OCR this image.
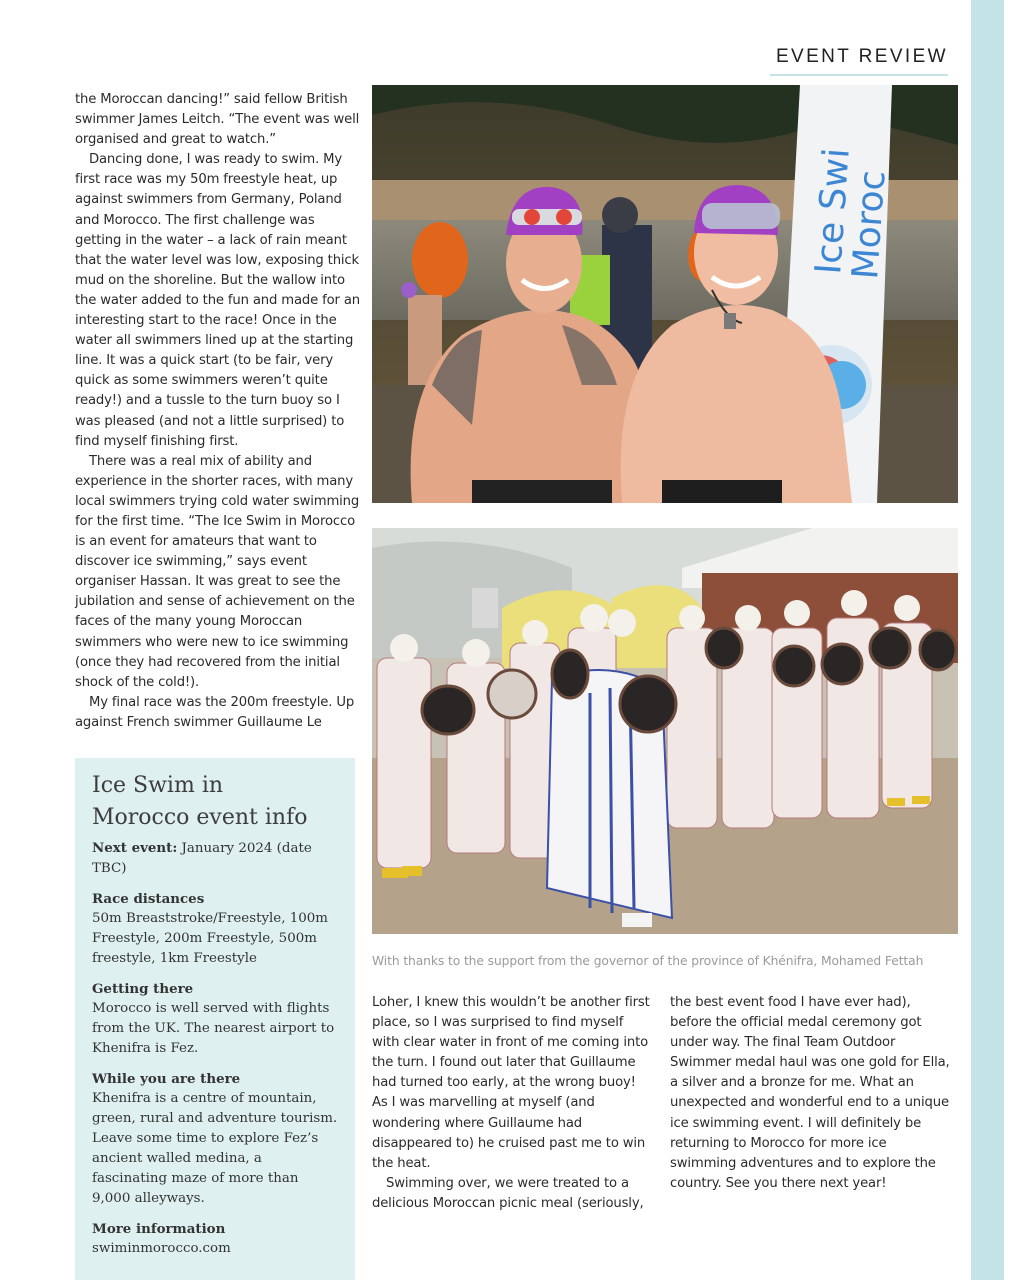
EVENT REVIEW

the Moroccan dancing!” said fellow British swimmer James Leitch. “The event was well organised and great to watch.”

Dancing done, I was ready to swim. My first race was my 50m freestyle heat, up against swimmers from Germany, Poland and Morocco. The first challenge was getting in the water – a lack of rain meant that the water level was low, exposing thick mud on the shoreline. But the wallow into the water added to the fun and made for an interesting start to the race! Once in the water all swimmers lined up at the starting line. It was a quick start (to be fair, very quick as some swimmers weren’t quite ready!) and a tussle to the turn buoy so I was pleased (and not a little surprised) to find myself finishing first.

There was a real mix of ability and experience in the shorter races, with many local swimmers trying cold water swimming for the first time. “The Ice Swim in Morocco is an event for amateurs that want to discover ice swimming,” says event organiser Hassan. It was great to see the jubilation and sense of achievement on the faces of the many young Moroccan swimmers who were new to ice swimming (once they had recovered from the initial shock of the cold!).

My final race was the 200m freestyle. Up against French swimmer Guillaume Le

Ice Swi
Moroc
With thanks to the support from the governor of the province of Khénifra, Mohamed Fettah

Loher, I knew this wouldn’t be another first place, so I was surprised to find myself with clear water in front of me coming into the turn. I found out later that Guillaume had turned too early, at the wrong buoy! As I was marvelling at myself (and wondering where Guillaume had disappeared to) he cruised past me to win the heat.

Swimming over, we were treated to a delicious Moroccan picnic meal (seriously,

the best event food I have ever had), before the official medal ceremony got under way. The final Team Outdoor Swimmer medal haul was one gold for Ella, a silver and a bronze for me. What an unexpected and wonderful end to a unique ice swimming event. I will definitely be returning to Morocco for more ice swimming adventures and to explore the country. See you there next year!

Ice Swim in
Morocco event info

Next event: January 2024 (date TBC)

Race distances

50m Breaststroke/Freestyle, 100m Freestyle, 200m Freestyle, 500m freestyle, 1km Freestyle

Getting there

Morocco is well served with flights from the UK. The nearest airport to Khenifra is Fez.

While you are there

Khenifra is a centre of mountain, green, rural and adventure tourism. Leave some time to explore Fez’s ancient walled medina, a fascinating maze of more than 9,000 alleyways.

More information

swiminmorocco.com
